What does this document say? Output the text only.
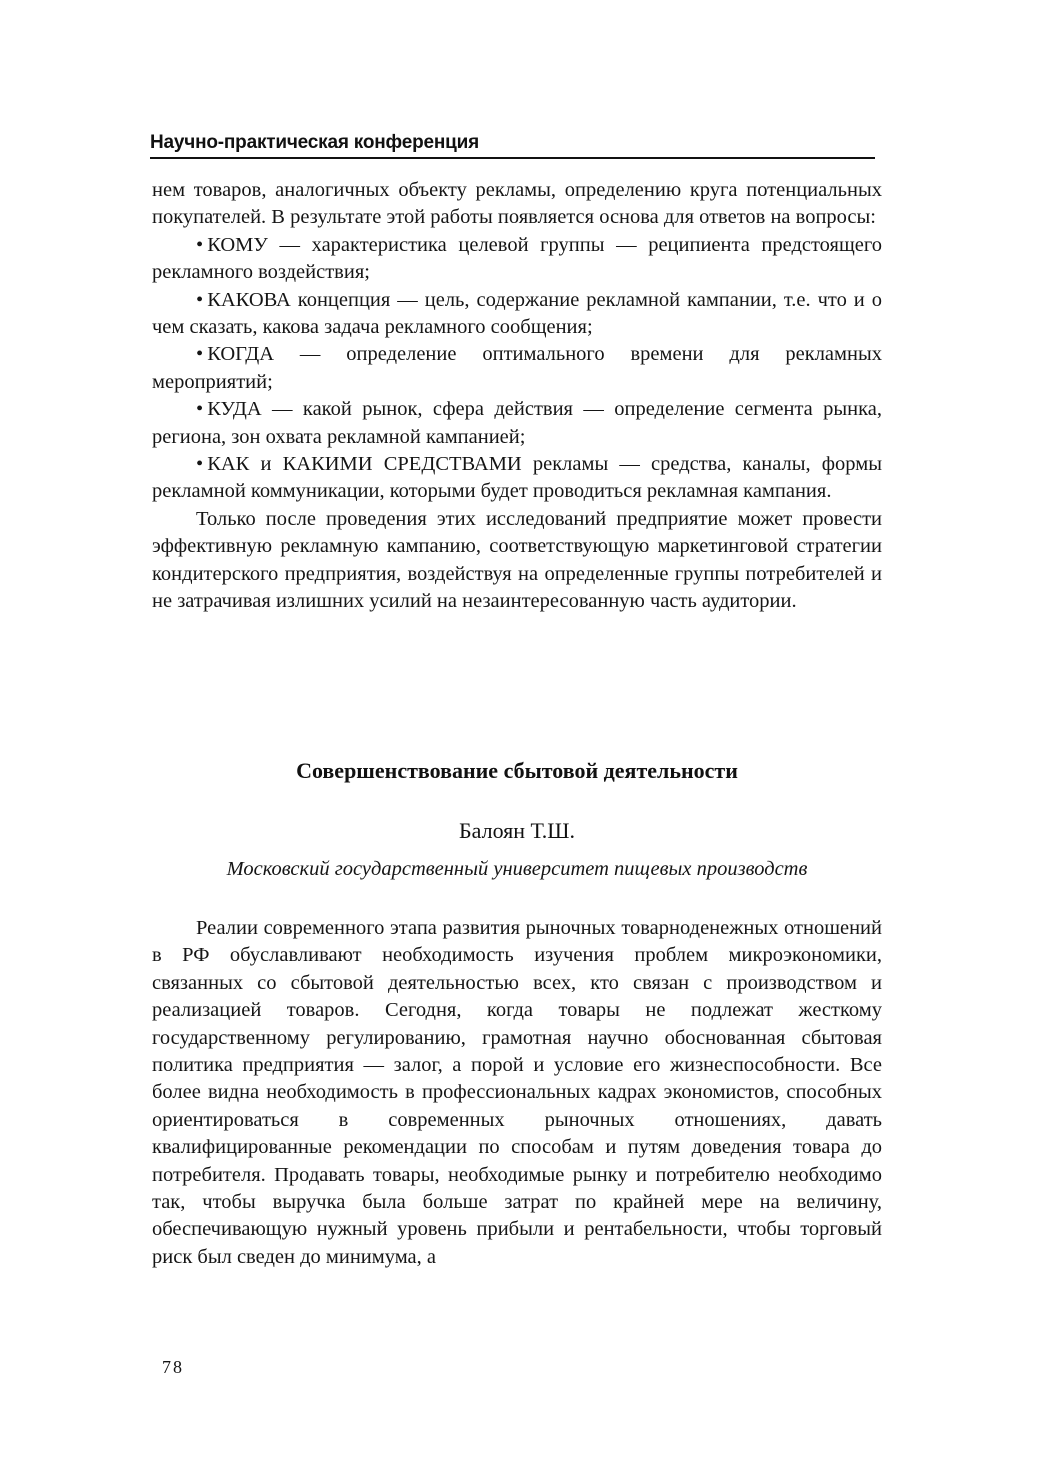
Научно-практическая конференция

нем товаров, аналогичных объекту рекламы, определению круга потенциальных покупателей. В результате этой работы появляется основа для ответов на вопросы:

• КОМУ — характеристика целевой группы — реципиента предстоящего рекламного воздействия;

• КАКОВА концепция — цель, содержание рекламной кампании, т.е. что и о чем сказать, какова задача рекламного сообщения;

• КОГДА — определение оптимального времени для рекламных мероприятий;

• КУДА — какой рынок, сфера действия — определение сегмента рынка, региона, зон охвата рекламной кампанией;

• КАК и КАКИМИ СРЕДСТВАМИ рекламы — средства, каналы, формы рекламной коммуникации, которыми будет проводиться рекламная кампания.

Только после проведения этих исследований предприятие может провести эффективную рекламную кампанию, соответствующую маркетинговой стратегии кондитерского предприятия, воздействуя на определенные группы потребителей и не затрачивая излишних усилий на незаинтересованную часть аудитории.

Совершенствование сбытовой деятельности
Балоян Т.Ш.
Московский государственный университет пищевых производств

Реалии современного этапа развития рыночных товарноденежных отношений в РФ обуславливают необходимость изучения проблем микроэкономики, связанных со сбытовой деятельностью всех, кто связан с производством и реализацией товаров. Сегодня, когда товары не подлежат жесткому государственному регулированию, грамотная научно обоснованная сбытовая политика предприятия — залог, а порой и условие его жизнеспособности. Все более видна необходимость в профессиональных кадрах экономистов, способных ориентироваться в современных рыночных отношениях, давать квалифицированные рекомендации по способам и путям доведения товара до потребителя. Продавать товары, необходимые рынку и потребителю необходимо так, чтобы выручка была больше затрат по крайней мере на величину, обеспечивающую нужный уровень прибыли и рентабельности, чтобы торговый риск был сведен до минимума, а

78
